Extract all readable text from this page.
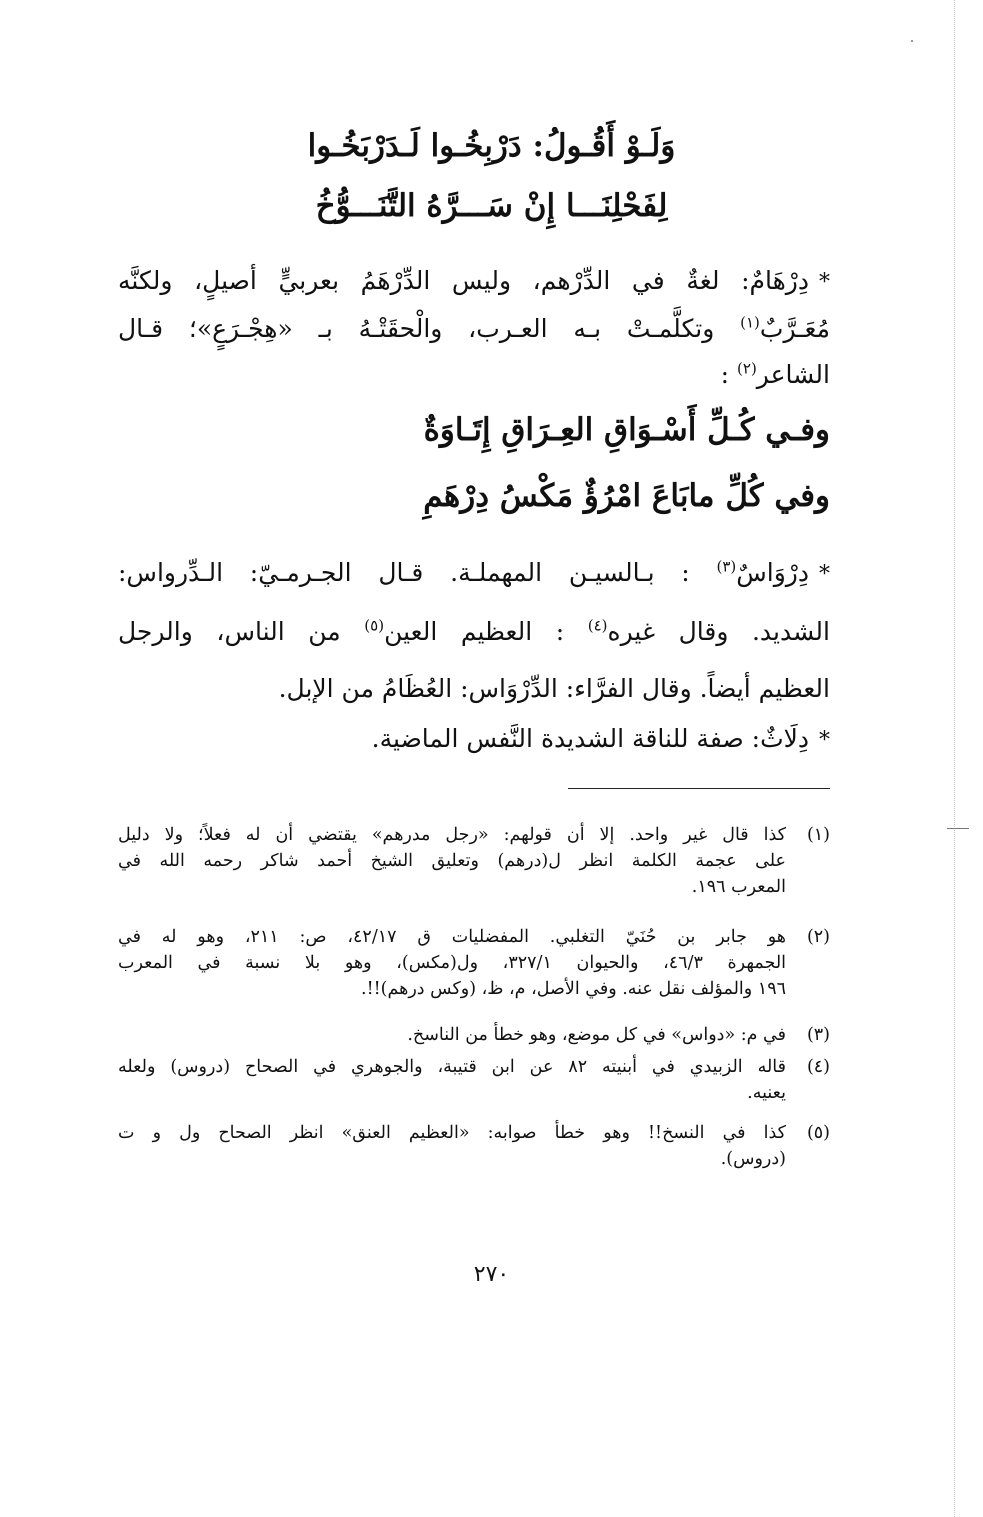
وَلَـوْ أَقُـولُ: دَرْبِخُـوا لَـدَرْبَخُـوا
لِفَحْلِنَـــا إِنْ سَـــرَّهُ التَّنَـــوُّخُ
*دِرْهَامٌ: لغةٌ في الدِّرْهم، وليس الدِّرْهَمُ بعربيٍّ أصيلٍ، ولكنَّه
مُعَـرَّبٌ$^{(١)}$ وتكلَّمـتْ بـه العـرب، والْحقَتْـهُ بـ «هِجْـرَعٍ»؛ قـال
الشاعر$^{(٢)}$ :
وفـي كُـلِّ أَسْـوَاقِ العِـرَاقِ إِتَـاوَةٌ
وفي كُلِّ مابَاعَ امْرُؤٌ مَكْسُ دِرْهَمِ
*دِرْوَاسٌ$^{(٣)}$ : بـالسيـن المهملـة. قـال الجـرمـيّ: الـدِّرواس:
الشديد. وقال غيره$^{(٤)}$ : العظيم العين$^{(٥)}$ من الناس، والرجل
العظيم أيضاً. وقال الفرَّاء: الدِّرْوَاس: العُظَامُ من الإبل.
*دِلَاثٌ: صفة للناقة الشديدة النَّفس الماضية.
(١)
كذا قال غير واحد. إلا أن قولهم: «رجل مدرهم» يقتضي أن له فعلاً؛ ولا دليل
على عجمة الكلمة انظر ل(درهم) وتعليق الشيخ أحمد شاكر رحمه الله في
المعرب ١٩٦.
(٢)
هو جابر بن حُنَيّ التغلبي. المفضليات ق ٤٢/١٧، ص: ٢١١، وهو له في
الجمهرة ٤٦/٣، والحيوان ٣٢٧/١، ول(مكس)، وهو بلا نسبة في المعرب
١٩٦ والمؤلف نقل عنه. وفي الأصل، م، ظ، (وكس درهم)!!.
(٣)
في م: «دواس» في كل موضع، وهو خطأ من الناسخ.
(٤)
قاله الزبيدي في أبنيته ٨٢ عن ابن قتيبة، والجوهري في الصحاح (دروس) ولعله
يعنيه.
(٥)
كذا في النسخ!! وهو خطأ صوابه: «العظيم العنق» انظر الصحاح ول و ت
(دروس).
٢٧٠
